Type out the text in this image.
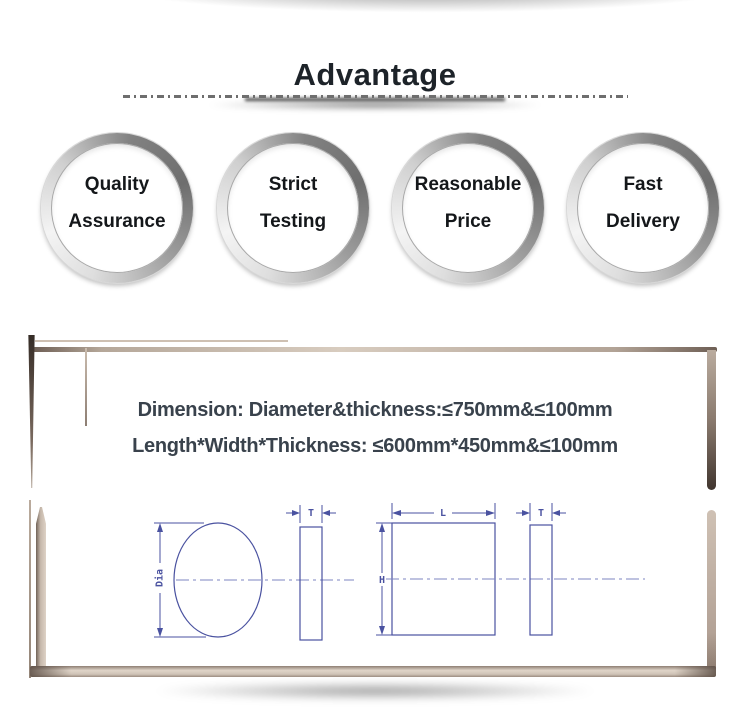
Advantage
Quality
Assurance
Strict
Testing
Reasonable
Price
Fast
Delivery
Dimension: Diameter&thickness:≤750mm&≤100mm
Length*Width*Thickness: ≤600mm*450mm&≤100mm
Dia
T	L
H
T
